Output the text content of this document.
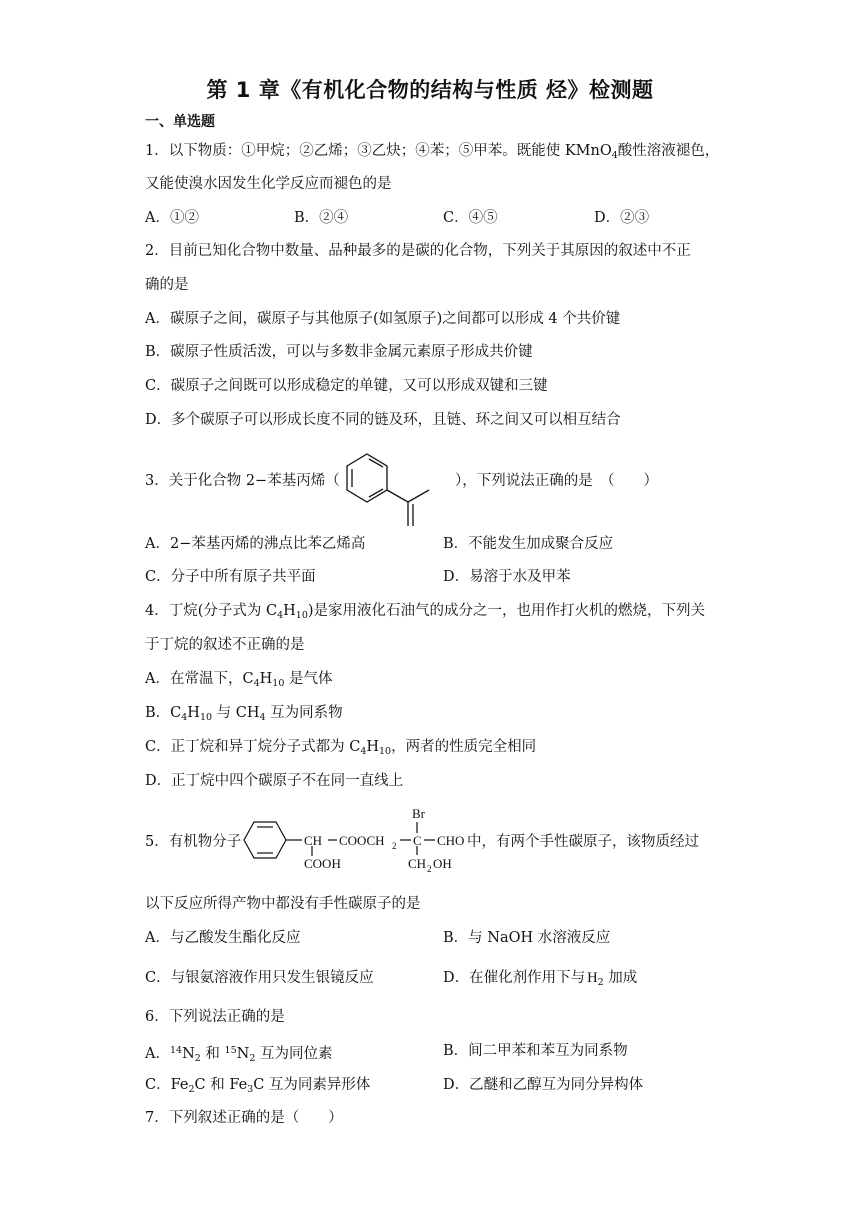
第 1 章《有机化合物的结构与性质 烃》检测题
一、单选题
1．以下物质：①甲烷；②乙烯；③乙炔；④苯；⑤甲苯。既能使 KMnO$_4$酸性溶液褪色，
又能使溴水因发生化学反应而褪色的是
A．①②	B．②④	C．④⑤	D．②③
2．目前已知化合物中数量、品种最多的是碳的化合物，下列关于其原因的叙述中不正
确的是
A．碳原子之间，碳原子与其他原子(如氢原子)之间都可以形成 4 个共价键
B．碳原子性质活泼，可以与多数非金属元素原子形成共价键
C．碳原子之间既可以形成稳定的单键，又可以形成双键和三键
D．多个碳原子可以形成长度不同的链及环，且链、环之间又可以相互结合
3．关于化合物 2−苯基丙烯（	），下列说法正确的是　（　　）
A．2−苯基丙烯的沸点比苯乙烯高	B．不能发生加成聚合反应
C．分子中所有原子共平面	D．易溶于水及甲苯
4．丁烷(分子式为 $C_4H_{10}$)是家用液化石油气的成分之一，也用作打火机的燃烧，下列关
于丁烷的叙述不正确的是
A．在常温下，$C_4H_{10}$ 是气体
B．$C_4H_{10}$ 与 $CH_4$ 互为同系物
C．正丁烷和异丁烷分子式都为 $C_4H_{10}$，两者的性质完全相同
D．正丁烷中四个碳原子不在同一直线上
5．有机物分子
Br
CH COOCH 2 C CHO
COOH	CH 2 OH
中，有两个手性碳原子，该物质经过
以下反应所得产物中都没有手性碳原子的是
A．与乙酸发生酯化反应	B．与 NaOH 水溶液反应
C．与银氨溶液作用只发生银镜反应	D．在催化剂作用下与 $H_2$ 加成
6．下列说法正确的是
A．$^{14}N_2$ 和 $^{15}N_2$ 互为同位素	B．间二甲苯和苯互为同系物
C．$Fe_2C$ 和 $Fe_3C$ 互为同素异形体	D．乙醚和乙醇互为同分异构体
7．下列叙述正确的是（　　）
